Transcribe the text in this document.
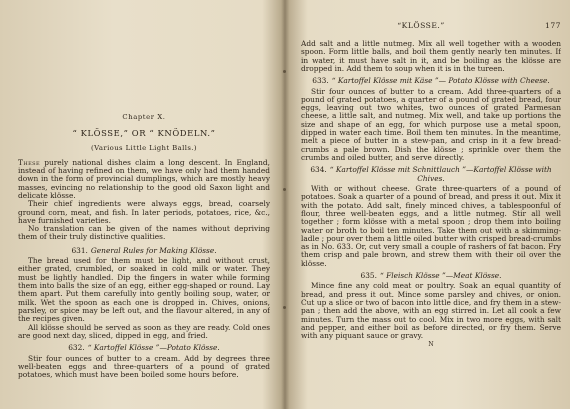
Chapter X.

“ KLÖSSE,” OR “ KNÖDELN.”

(Various Little Light Balls.)

These purely national dishes claim a long descent. In England, instead of having refined on them, we have only had them handed down in the form of provincial dumplings, which are mostly heavy masses, evincing no relationship to the good old Saxon light and delicate klösse.

Their chief ingredients were always eggs, bread, coarsely ground corn, meat, and fish. In later periods, potatoes, rice, &c., have furnished varieties.

No translation can be given of the names without depriving them of their truly distinctive qualities.

631. General Rules for Making Klösse.

The bread used for them must be light, and without crust, either grated, crumbled, or soaked in cold milk or water. They must be lightly handled. Dip the fingers in water while forming them into balls the size of an egg, either egg-shaped or round. Lay them apart. Put them carefully into gently boiling soup, water, or milk. Wet the spoon as each one is dropped in. Chives, onions, parsley, or spice may be left out, and the flavour altered, in any of the recipes given.

All klösse should be served as soon as they are ready. Cold ones are good next day, sliced, dipped in egg, and fried.

632. “ Kartoffel Klösse ”—Potato Klösse.

Stir four ounces of butter to a cream. Add by degrees three well-beaten eggs and three-quarters of a pound of grated potatoes, which must have been boiled some hours before.

“KLÖSSE.”	177

Add salt and a little nutmeg. Mix all well together with a wooden spoon. Form little balls, and boil them gently nearly ten minutes. If in water, it must have salt in it, and be boiling as the klösse are dropped in. Add them to soup when it is in the tureen.

633. “ Kartoffel Klösse mit Käse ”— Potato Klösse with Cheese.

Stir four ounces of butter to a cream. Add three-quarters of a pound of grated potatoes, a quarter of a pound of grated bread, four eggs, leaving out two whites, two ounces of grated Parmesan cheese, a little salt, and nutmeg. Mix well, and take up portions the size and shape of an egg, for which purpose use a metal spoon, dipped in water each time. Boil them ten minutes. In the meantime, melt a piece of butter in a stew-pan, and crisp in it a few bread-crumbs a pale brown. Dish the klösse ; sprinkle over them the crumbs and oiled butter, and serve directly.

634. “ Kartoffel Klösse mit Schnittlauch ”—Kartoffel Klösse with Chives.

With or without cheese. Grate three-quarters of a pound of potatoes. Soak a quarter of a pound of bread, and press it out. Mix it with the potato. Add salt, finely minced chives, a tablespoonful of flour, three well-beaten eggs, and a little nutmeg. Stir all well together ; form klösse with a metal spoon ; drop them into boiling water or broth to boil ten minutes. Take them out with a skimming-ladle ; pour over them a little oiled butter with crisped bread-crumbs as in No. 633. Or, cut very small a couple of rashers of fat bacon. Fry them crisp and pale brown, and strew them with their oil over the klösse.

635. “ Fleisch Klösse ”—Meat Klösse.

Mince fine any cold meat or poultry. Soak an equal quantity of bread, and press it out. Mince some parsley and chives, or onion. Cut up a slice or two of bacon into little dice, and fry them in a stew-pan ; then add the above, with an egg stirred in. Let all cook a few minutes. Turn the mass out to cool. Mix in two more eggs, with salt and pepper, and either boil as before directed, or fry them. Serve with any piquant sauce or gravy.

N
